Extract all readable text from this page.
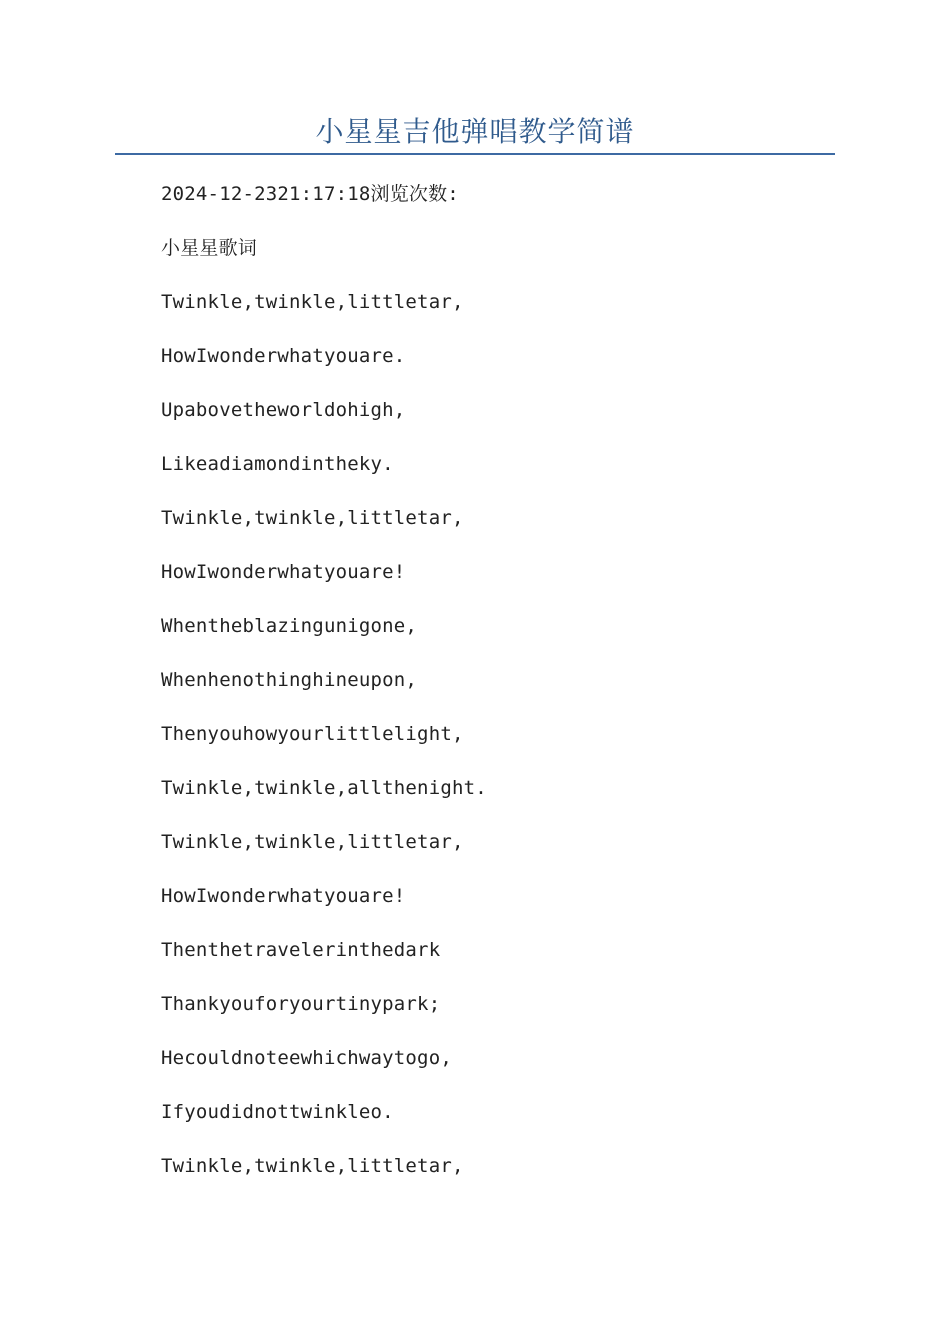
小星星吉他弹唱教学简谱
2024-12-2321:17:18浏览次数:
小星星歌词
Twinkle,twinkle,littletar,
HowIwonderwhatyouare.
Upabovetheworldohigh,
Likeadiamondintheky.
Twinkle,twinkle,littletar,
HowIwonderwhatyouare!
Whentheblazingunigone,
Whenhenothinghineupon,
Thenyouhowyourlittlelight,
Twinkle,twinkle,allthenight.
Twinkle,twinkle,littletar,
HowIwonderwhatyouare!
Thenthetravelerinthedark
Thankyouforyourtinypark;
Hecouldnoteewhichwaytogo,
Ifyoudidnottwinkleo.
Twinkle,twinkle,littletar,
